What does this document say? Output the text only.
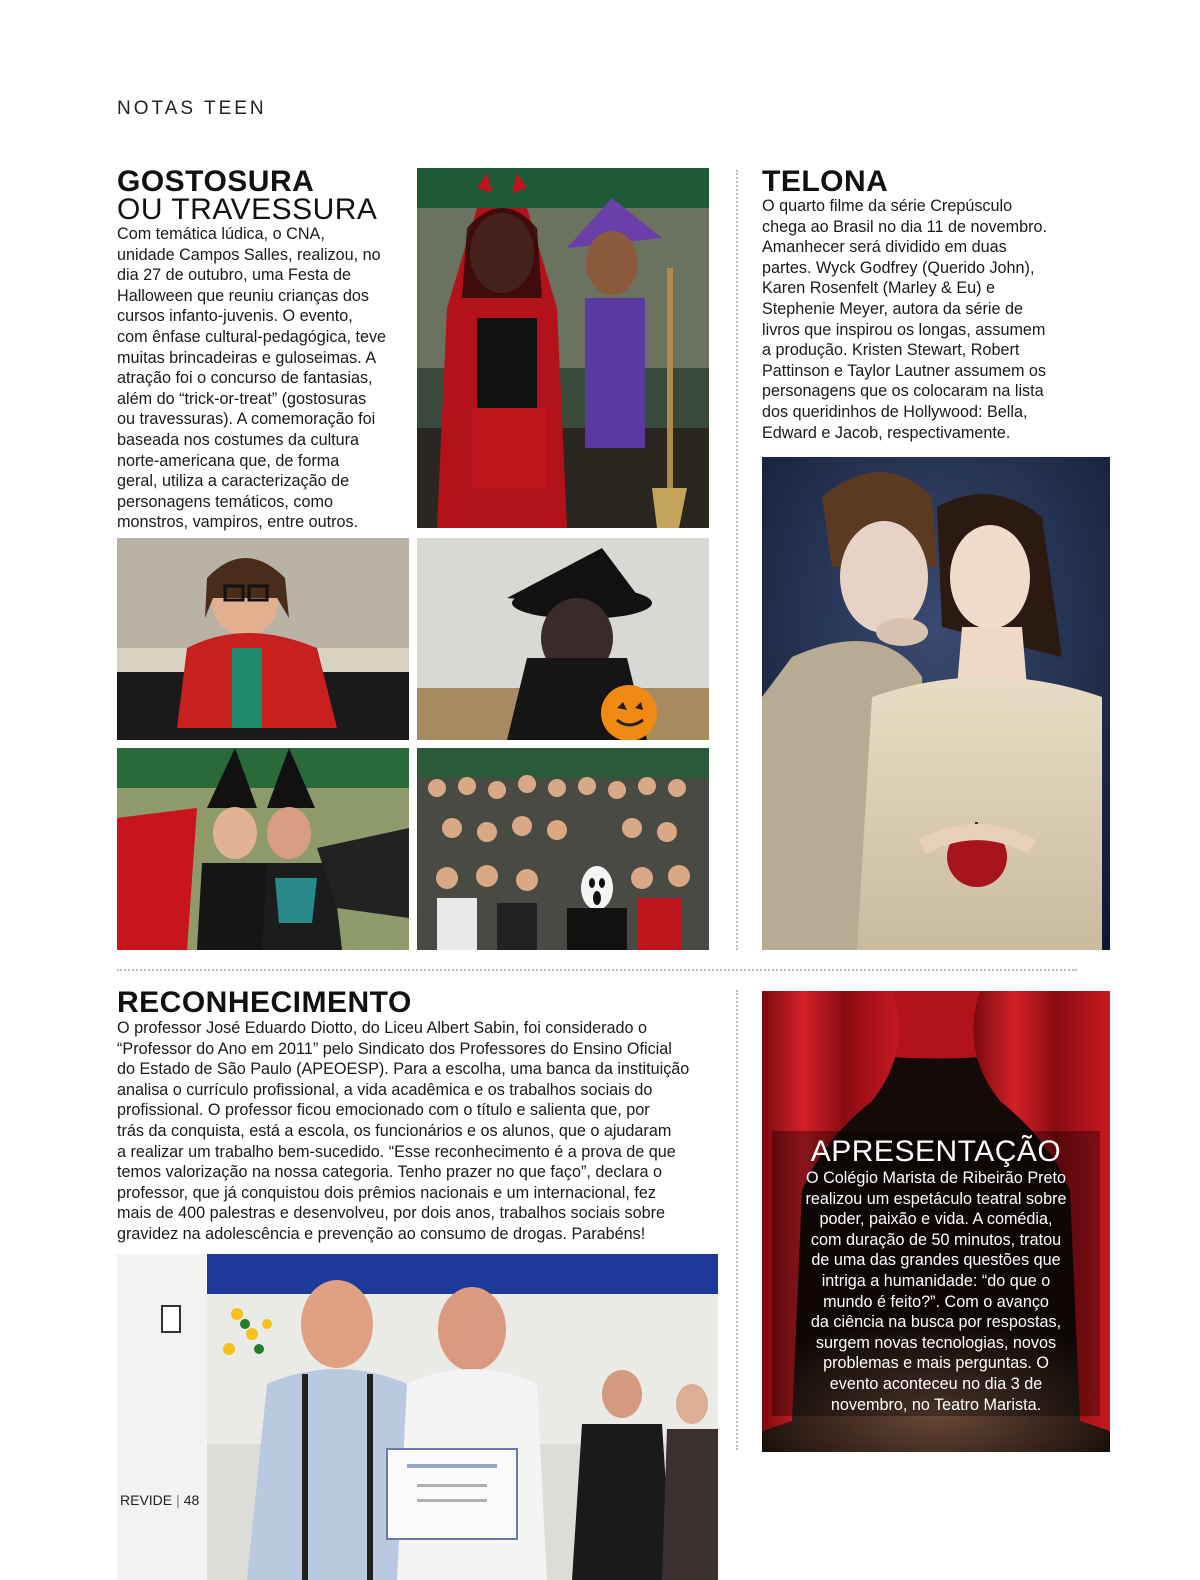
NOTAS TEEN
GOSTOSURA
OU TRAVESSURA
Com temática lúdica, o CNA,
unidade Campos Salles, realizou, no
dia 27 de outubro, uma Festa de
Halloween que reuniu crianças dos
cursos infanto-juvenis. O evento,
com ênfase cultural-pedagógica, teve
muitas brincadeiras e guloseimas. A
atração foi o concurso de fantasias,
além do “trick-or-treat” (gostosuras
ou travessuras). A comemoração foi
baseada nos costumes da cultura
norte-americana que, de forma
geral, utiliza a caracterização de
personagens temáticos, como
monstros, vampiros, entre outros.
TELONA
O quarto filme da série Crepúsculo
chega ao Brasil no dia 11 de novembro.
Amanhecer será dividido em duas
partes. Wyck Godfrey (Querido John),
Karen Rosenfelt (Marley & Eu) e
Stephenie Meyer, autora da série de
livros que inspirou os longas, assumem
a produção. Kristen Stewart, Robert
Pattinson e Taylor Lautner assumem os
personagens que os colocaram na lista
dos queridinhos de Hollywood: Bella,
Edward e Jacob, respectivamente.
RECONHECIMENTO
O professor José Eduardo Diotto, do Liceu Albert Sabin, foi considerado o
“Professor do Ano em 2011” pelo Sindicato dos Professores do Ensino Oficial
do Estado de São Paulo (APEOESP). Para a escolha, uma banca da instituição
analisa o currículo profissional, a vida acadêmica e os trabalhos sociais do
profissional. O professor ficou emocionado com o título e salienta que, por
trás da conquista, está a escola, os funcionários e os alunos, que o ajudaram
a realizar um trabalho bem-sucedido. “Esse reconhecimento é a prova de que
temos valorização na nossa categoria. Tenho prazer no que faço”, declara o
professor, que já conquistou dois prêmios nacionais e um internacional, fez
mais de 400 palestras e desenvolveu, por dois anos, trabalhos sociais sobre
gravidez na adolescência e prevenção ao consumo de drogas. Parabéns!
REVIDE | 48
APRESENTAÇÃO
O Colégio Marista de Ribeirão Preto
realizou um espetáculo teatral sobre
poder, paixão e vida. A comédia,
com duração de 50 minutos, tratou
de uma das grandes questões que
intriga a humanidade: “do que o
mundo é feito?”. Com o avanço
da ciência na busca por respostas,
surgem novas tecnologias, novos
problemas e mais perguntas. O
evento aconteceu no dia 3 de
novembro, no Teatro Marista.
